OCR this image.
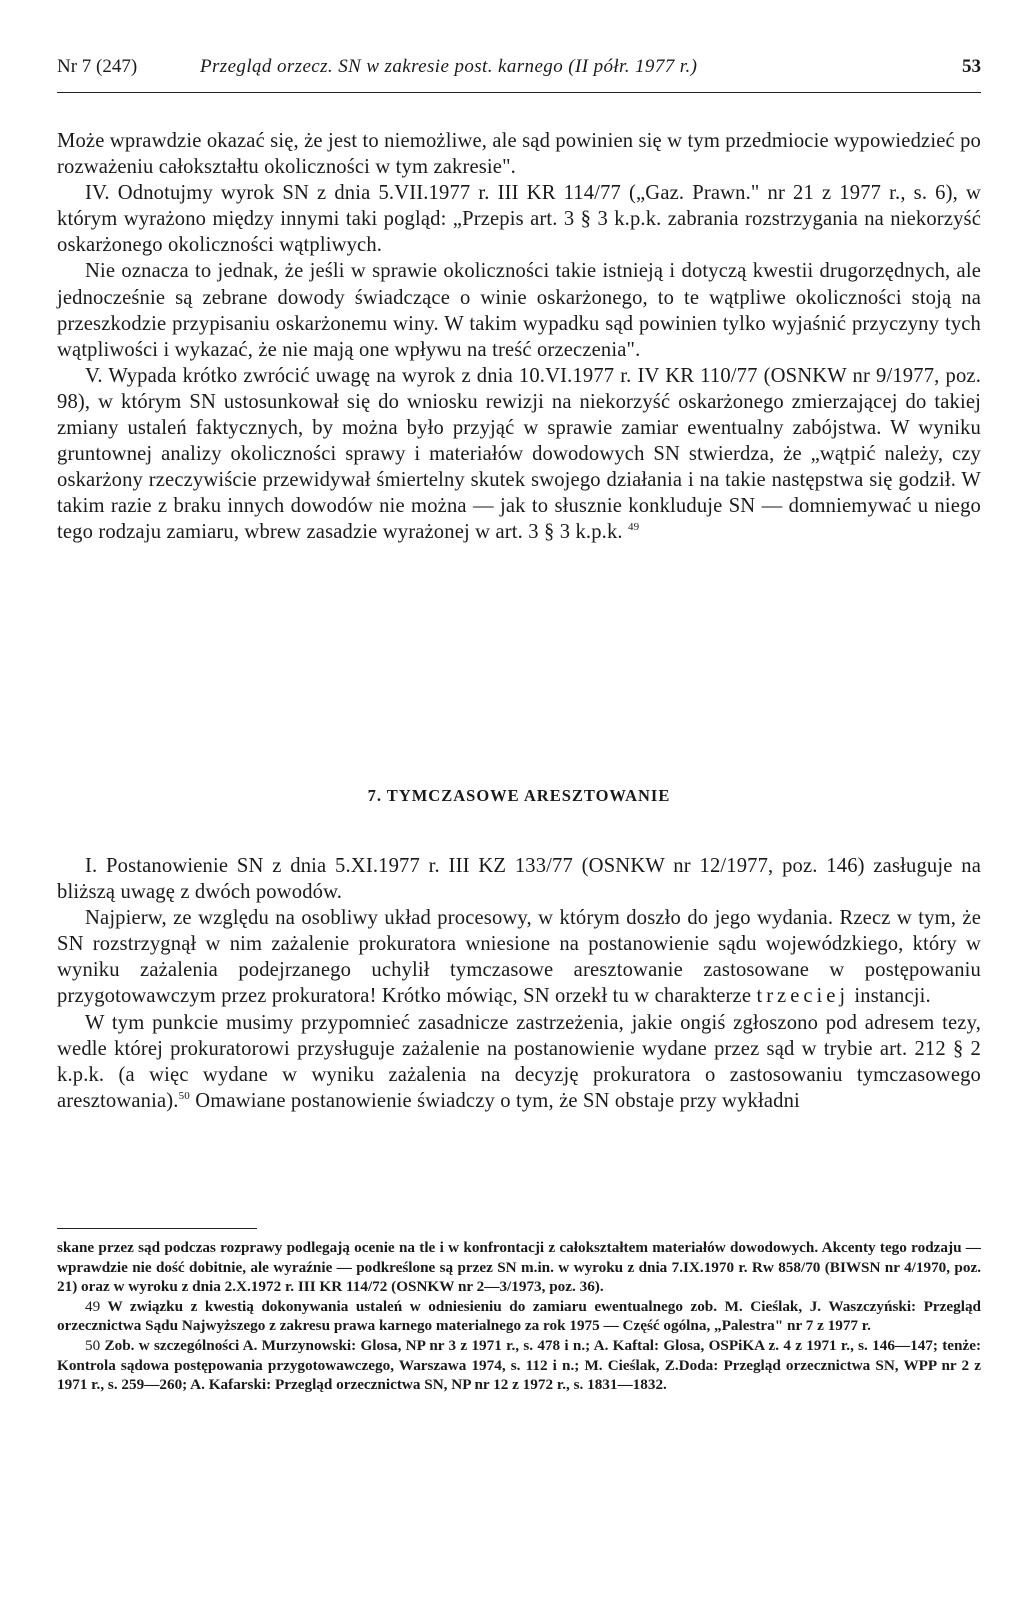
Nr 7 (247)	Przegląd orzecz. SN w zakresie post. karnego (II półr. 1977 r.)	53

Może wprawdzie okazać się, że jest to niemożliwe, ale sąd powinien się w tym przedmiocie wypowiedzieć po rozważeniu całokształtu okoliczności w tym zakresie".

IV. Odnotujmy wyrok SN z dnia 5.VII.1977 r. III KR 114/77 („Gaz. Prawn." nr 21 z 1977 r., s. 6), w którym wyrażono między innymi taki pogląd: „Przepis art. 3 § 3 k.p.k. zabrania rozstrzygania na niekorzyść oskarżonego okoliczności wątpliwych.

Nie oznacza to jednak, że jeśli w sprawie okoliczności takie istnieją i dotyczą kwestii drugorzędnych, ale jednocześnie są zebrane dowody świadczące o winie oskarżonego, to te wątpliwe okoliczności stoją na przeszkodzie przypisaniu oskarżonemu winy. W takim wypadku sąd powinien tylko wyjaśnić przyczyny tych wątpliwości i wykazać, że nie mają one wpływu na treść orzeczenia".

V. Wypada krótko zwrócić uwagę na wyrok z dnia 10.VI.1977 r. IV KR 110/77 (OSNKW nr 9/1977, poz. 98), w którym SN ustosunkował się do wniosku rewizji na niekorzyść oskarżonego zmierzającej do takiej zmiany ustaleń faktycznych, by można było przyjąć w sprawie zamiar ewentualny zabójstwa. W wyniku gruntownej analizy okoliczności sprawy i materiałów dowodowych SN stwierdza, że „wątpić należy, czy oskarżony rzeczywiście przewidywał śmiertelny skutek swojego działania i na takie następstwa się godził. W takim razie z braku innych dowodów nie można — jak to słusznie konkluduje SN — domniemywać u niego tego rodzaju zamiaru, wbrew zasadzie wyrażonej w art. 3 § 3 k.p.k. $^{49}$

7. TYMCZASOWE ARESZTOWANIE

I. Postanowienie SN z dnia 5.XI.1977 r. III KZ 133/77 (OSNKW nr 12/1977, poz. 146) zasługuje na bliższą uwagę z dwóch powodów.

Najpierw, ze względu na osobliwy układ procesowy, w którym doszło do jego wydania. Rzecz w tym, że SN rozstrzygnął w nim zażalenie prokuratora wniesione na postanowienie sądu wojewódzkiego, który w wyniku zażalenia podejrzanego uchylił tymczasowe aresztowanie zastosowane w postępowaniu przygotowawczym przez prokuratora! Krótko mówiąc, SN orzekł tu w charakterze trzeciej instancji.

W tym punkcie musimy przypomnieć zasadnicze zastrzeżenia, jakie ongiś zgłoszono pod adresem tezy, wedle której prokuratorowi przysługuje zażalenie na postanowienie wydane przez sąd w trybie art. 212 § 2 k.p.k. (a więc wydane w wyniku zażalenia na decyzję prokuratora o zastosowaniu tymczasowego aresztowania).$^{50}$ Omawiane postanowienie świadczy o tym, że SN obstaje przy wykładni

skane przez sąd podczas rozprawy podlegają ocenie na tle i w konfrontacji z całokształtem materiałów dowodowych. Akcenty tego rodzaju — wprawdzie nie dość dobitnie, ale wyraźnie — podkreślone są przez SN m.in. w wyroku z dnia 7.IX.1970 r. Rw 858/70 (BIWSN nr 4/1970, poz. 21) oraz w wyroku z dnia 2.X.1972 r. III KR 114/72 (OSNKW nr 2—3/1973, poz. 36).

49 W związku z kwestią dokonywania ustaleń w odniesieniu do zamiaru ewentualnego zob. M. Cieślak, J. Waszczyński: Przegląd orzecznictwa Sądu Najwyższego z zakresu prawa karnego materialnego za rok 1975 — Część ogólna, „Palestra" nr 7 z 1977 r.

50 Zob. w szczególności A. Murzynowski: Glosa, NP nr 3 z 1971 r., s. 478 i n.; A. Kaftal: Glosa, OSPiKA z. 4 z 1971 r., s. 146—147; tenże: Kontrola sądowa postępowania przygotowawczego, Warszawa 1974, s. 112 i n.; M. Cieślak, Z.Doda: Przegląd orzecznictwa SN, WPP nr 2 z 1971 r., s. 259—260; A. Kafarski: Przegląd orzecznictwa SN, NP nr 12 z 1972 r., s. 1831—1832.
